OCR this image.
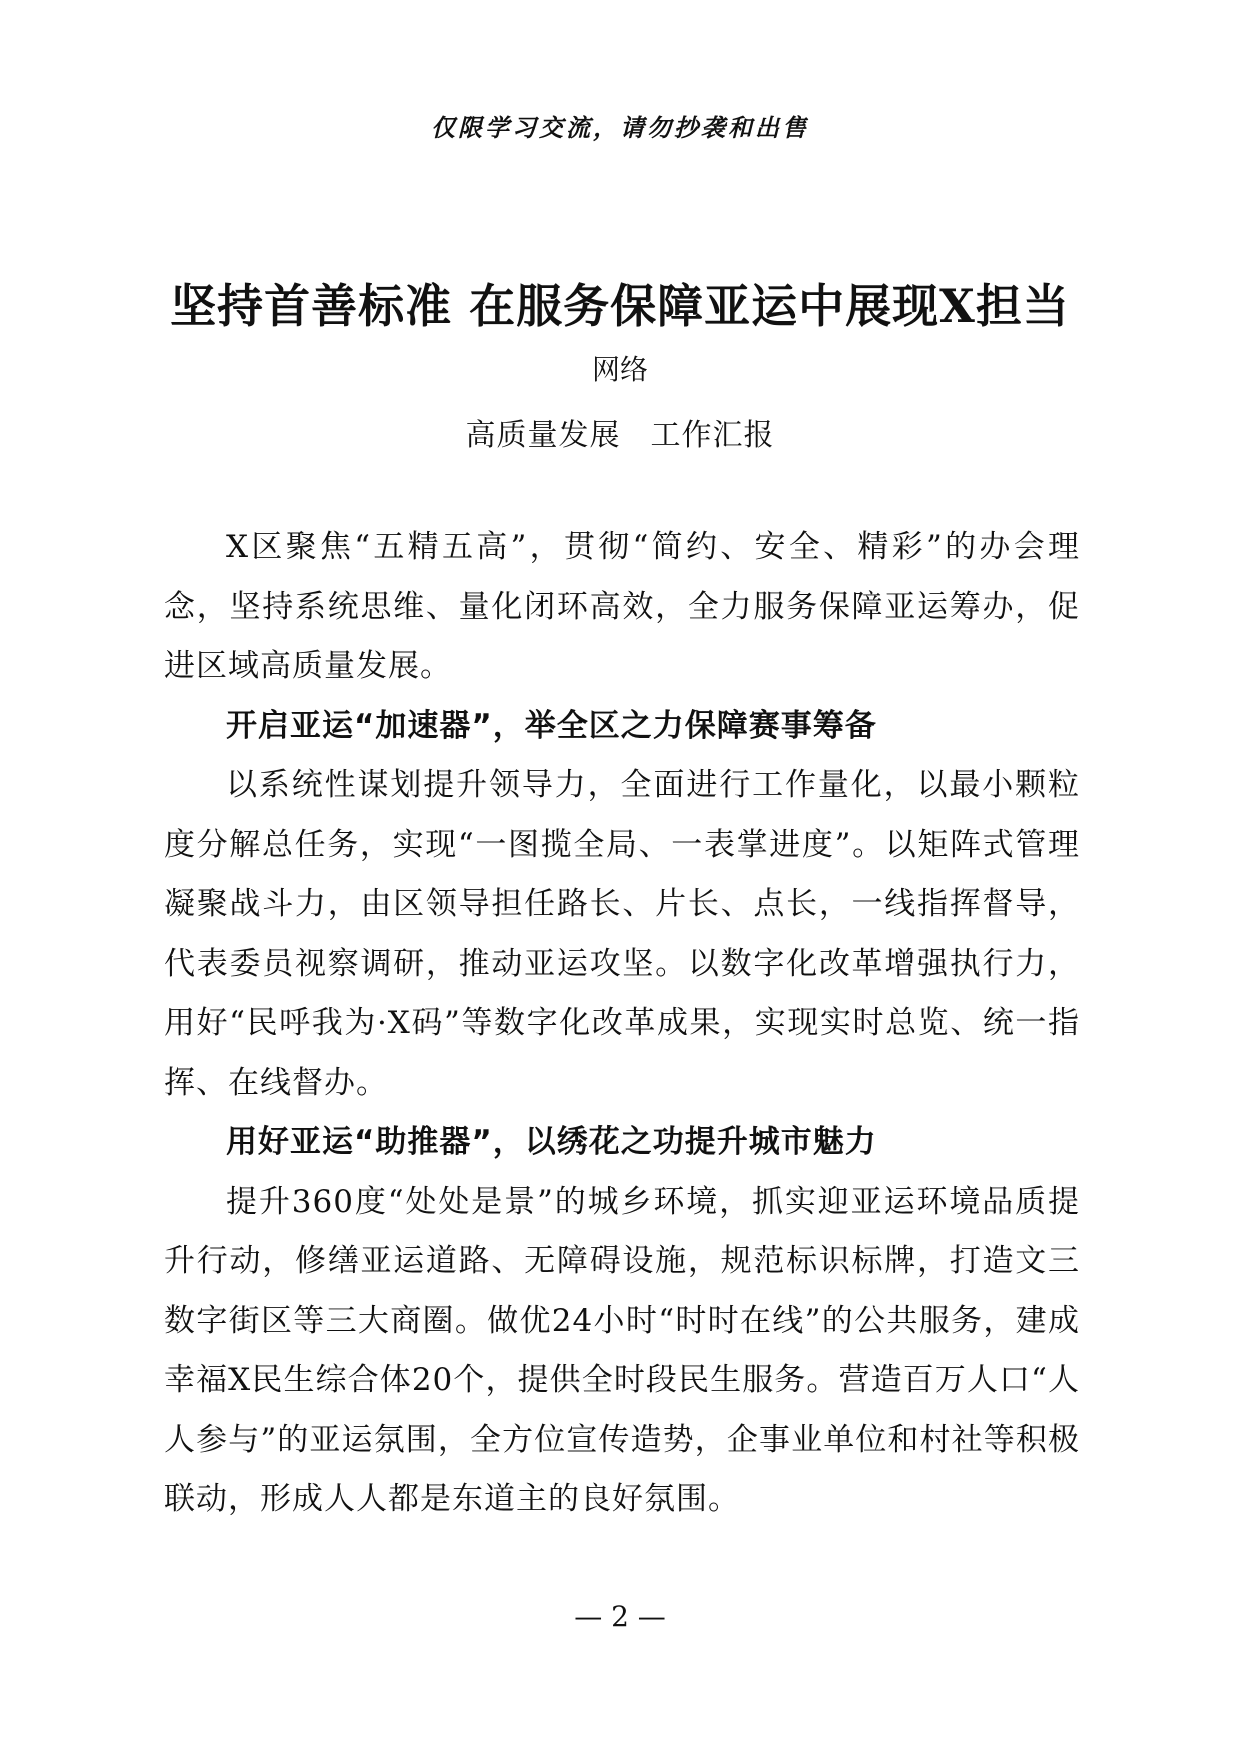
仅限学习交流，请勿抄袭和出售
坚持首善标准 在服务保障亚运中展现X担当
网络
高质量发展 工作汇报

X区聚焦“五精五高”，贯彻“简约、安全、精彩”的办会理念，坚持系统思维、量化闭环高效，全力服务保障亚运筹办，促进区域高质量发展。

开启亚运“加速器”，举全区之力保障赛事筹备

以系统性谋划提升领导力，全面进行工作量化，以最小颗粒度分解总任务，实现“一图揽全局、一表掌进度”。以矩阵式管理凝聚战斗力，由区领导担任路长、片长、点长，一线指挥督导，代表委员视察调研，推动亚运攻坚。以数字化改革增强执行力，用好“民呼我为·X码”等数字化改革成果，实现实时总览、统一指挥、在线督办。

用好亚运“助推器”，以绣花之功提升城市魅力

提升360度“处处是景”的城乡环境，抓实迎亚运环境品质提升行动，修缮亚运道路、无障碍设施，规范标识标牌，打造文三数字街区等三大商圈。做优24小时“时时在线”的公共服务，建成幸福X民生综合体20个，提供全时段民生服务。营造百万人口“人人参与”的亚运氛围，全方位宣传造势，企事业单位和村社等积极联动，形成人人都是东道主的良好氛围。

— 2 —
